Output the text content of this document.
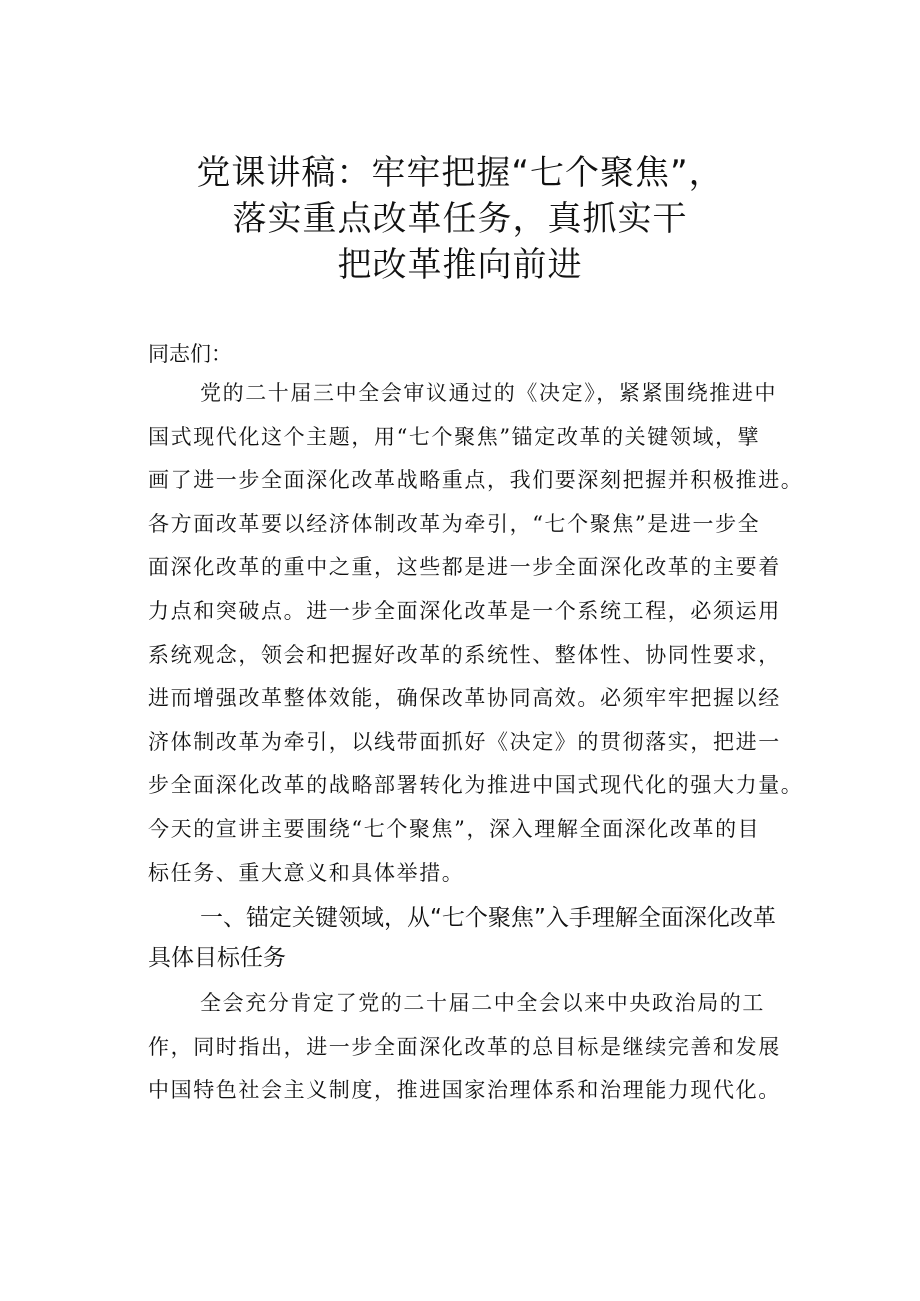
党课讲稿：牢牢把握“七个聚焦”，
落实重点改革任务，真抓实干
把改革推向前进
同志们：
党的二十届三中全会审议通过的《决定》，紧紧围绕推进中
国式现代化这个主题，用“七个聚焦”锚定改革的关键领域，擘
画了进一步全面深化改革战略重点，我们要深刻把握并积极推进。
各方面改革要以经济体制改革为牵引，“七个聚焦”是进一步全
面深化改革的重中之重，这些都是进一步全面深化改革的主要着
力点和突破点。进一步全面深化改革是一个系统工程，必须运用
系统观念，领会和把握好改革的系统性、整体性、协同性要求，
进而增强改革整体效能，确保改革协同高效。必须牢牢把握以经
济体制改革为牵引，以线带面抓好《决定》的贯彻落实，把进一
步全面深化改革的战略部署转化为推进中国式现代化的强大力量。
今天的宣讲主要围绕“七个聚焦”，深入理解全面深化改革的目
标任务、重大意义和具体举措。
一、锚定关键领域，从“七个聚焦”入手理解全面深化改革
具体目标任务
全会充分肯定了党的二十届二中全会以来中央政治局的工
作，同时指出，进一步全面深化改革的总目标是继续完善和发展
中国特色社会主义制度，推进国家治理体系和治理能力现代化。
